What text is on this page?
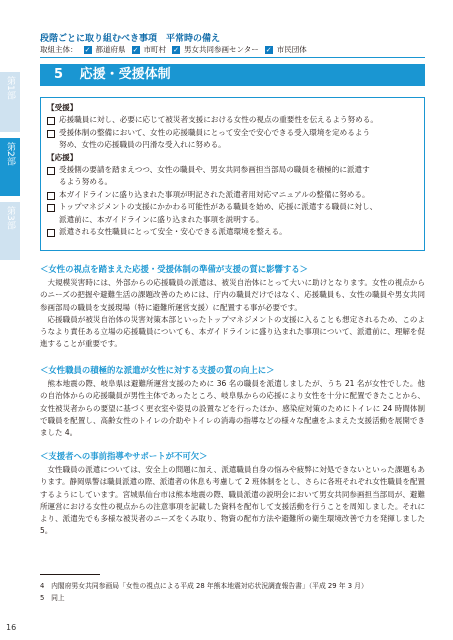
第1部
第2部
第3部
16
段階ごとに取り組むべき事項　平常時の備え
取組主体： ✓ 都道府県 ✓ 市町村 ✓ 男女共同参画センター ✓ 市民団体
5 応援・受援体制
【受援】
応援職員に対し、必要に応じて被災者支援における女性の視点の重要性を伝えるよう努める。
受援体制の整備において、女性の応援職員にとって安全で安心できる受入環境を定めるよう
努め、女性の応援職員の円滑な受入れに努める。
【応援】
受援側の要請を踏まえつつ、女性の職員や、男女共同参画担当部局の職員を積極的に派遣す
るよう努める。
本ガイドラインに盛り込まれた事項が明記された派遣者用対応マニュアルの整備に努める。
トップマネジメントの支援にかかわる可能性がある職員を始め、応援に派遣する職員に対し、
派遣前に、本ガイドラインに盛り込まれた事項を説明する。
派遣される女性職員にとって安全・安心できる派遣環境を整える。
＜女性の視点を踏まえた応援・受援体制の準備が支援の質に影響する＞

大規模災害時には、外部からの応援職員の派遣は、被災自治体にとって大いに助けとなります。女性の視点からのニーズの把握や避難生活の課題改善のためには、庁内の職員だけではなく、応援職員も、女性の職員や男女共同参画部局の職員を支援現場（特に避難所運営支援）に配置する事が必要です。

応援職員が被災自治体の災害対策本部といったトップマネジメントの支援に入ることも想定されるため、このようなより責任ある立場の応援職員についても、本ガイドラインに盛り込まれた事項について、派遣前に、理解を促進することが重要です。

＜女性職員の積極的な派遣が女性に対する支援の質の向上に＞

熊本地震の際、岐阜県は避難所運営支援のために 36 名の職員を派遣しましたが、うち 21 名が女性でした。他の自治体からの応援職員が男性主体であったところ、岐阜県からの応援により女性を十分に配置できたことから、女性被災者からの要望に基づく更衣室や姿見の設置などを行ったほか、感染症対策のためにトイレに 24 時間体制で職員を配置し、高齢女性のトイレの介助やトイレの消毒の指導などの様々な配慮をふまえた支援活動を展開できました 4。

＜支援者への事前指導やサポートが不可欠＞

女性職員の派遣については、安全上の問題に加え、派遣職員自身の悩みや疲弊に対処できないといった課題もあります。静岡県警は職員派遣の際、派遣者の休息も考慮して 2 班体制をとし、さらに各班それぞれ女性職員を配置するようにしています。宮城県仙台市は熊本地震の際、職員派遣の説明会において男女共同参画担当部局が、避難所運営における女性の視点からの注意事項を記載した資料を配布して支援活動を行うことを周知しました。それにより、派遣先でも多様な被災者のニーズをくみ取り、物資の配布方法や避難所の衛生環境改善で力を発揮しました 5。

4　内閣府男女共同参画局「女性の視点による平成 28 年熊本地震対応状況調査報告書」（平成 29 年 3 月）
5　同上
